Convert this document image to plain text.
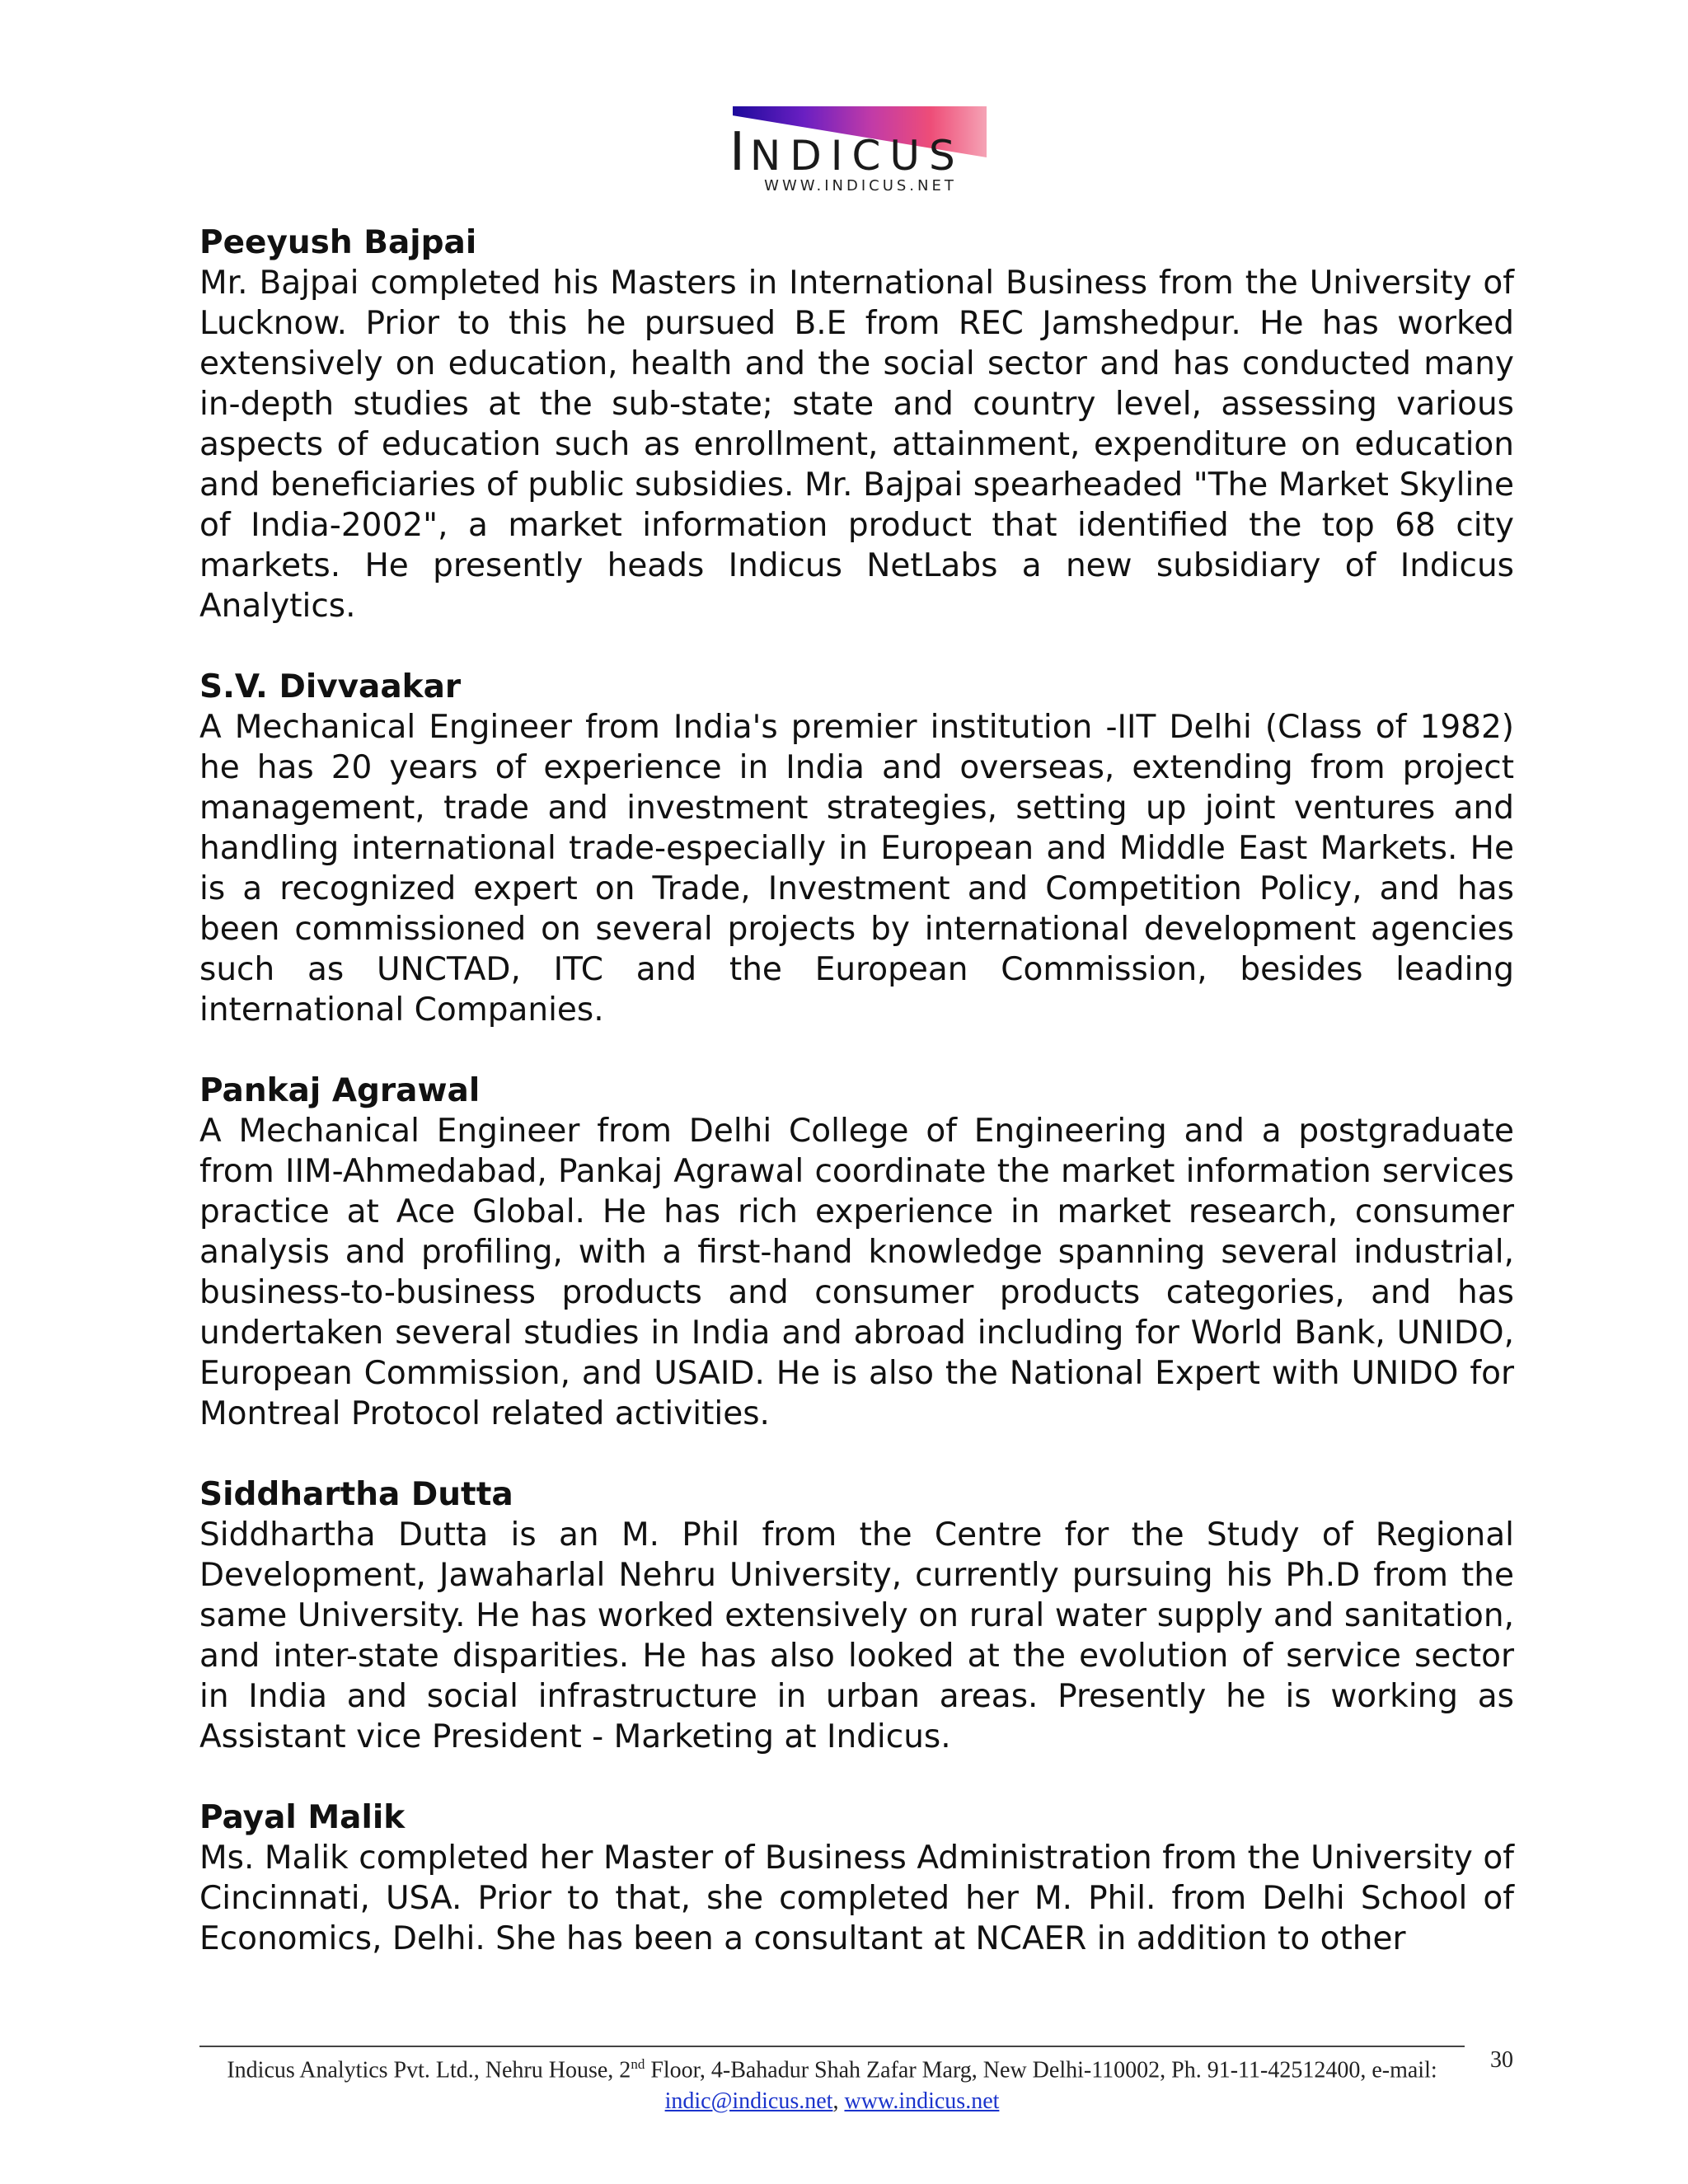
INDICUS
WWW.INDICUS.NET

Peeyush Bajpai

Mr. Bajpai completed his Masters in International Business from the University of Lucknow. Prior to this he pursued B.E from REC Jamshedpur. He has worked extensively on education, health and the social sector and has conducted many in-depth studies at the sub-state; state and country level, assessing various aspects of education such as enrollment, attainment, expenditure on education and beneficiaries of public subsidies. Mr. Bajpai spearheaded "The Market Skyline of India-2002", a market information product that identified the top 68 city markets. He presently heads Indicus NetLabs a new subsidiary of Indicus Analytics.

S.V. Divvaakar

A Mechanical Engineer from India's premier institution -IIT Delhi (Class of 1982) he has 20 years of experience in India and overseas, extending from project management, trade and investment strategies, setting up joint ventures and handling international trade-especially in European and Middle East Markets. He is a recognized expert on Trade, Investment and Competition Policy, and has been commissioned on several projects by international development agencies such as UNCTAD, ITC and the European Commission, besides leading international Companies.

Pankaj Agrawal

A Mechanical Engineer from Delhi College of Engineering and a postgraduate from IIM-Ahmedabad, Pankaj Agrawal coordinate the market information services practice at Ace Global. He has rich experience in market research, consumer analysis and profiling, with a first-hand knowledge spanning several industrial, business-to-business products and consumer products categories, and has undertaken several studies in India and abroad including for World Bank, UNIDO, European Commission, and USAID. He is also the National Expert with UNIDO for Montreal Protocol related activities.

Siddhartha Dutta

Siddhartha Dutta is an M. Phil from the Centre for the Study of Regional Development, Jawaharlal Nehru University, currently pursuing his Ph.D from the same University. He has worked extensively on rural water supply and sanitation, and inter-state disparities. He has also looked at the evolution of service sector in India and social infrastructure in urban areas. Presently he is working as Assistant vice President - Marketing at Indicus.

Payal Malik

Ms. Malik completed her Master of Business Administration from the University of Cincinnati, USA. Prior to that, she completed her M. Phil. from Delhi School of Economics, Delhi. She has been a consultant at NCAER in addition to other

Indicus Analytics Pvt. Ltd., Nehru House, 2nd Floor, 4-Bahadur Shah Zafar Marg, New Delhi-110002, Ph. 91-11-42512400, e-mail: indic@indicus.net, www.indicus.net
30
